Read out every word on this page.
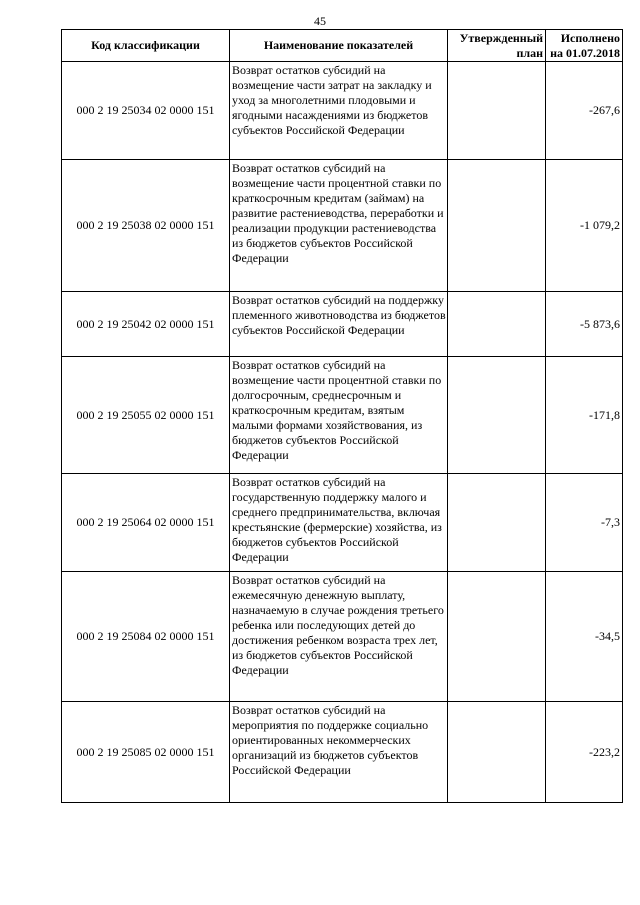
45
Код классификации	Наименование показателей	Утвержденный план	Исполнено на 01.07.2018
000 2 19 25034 02 0000 151	Возврат остатков субсидий на возмещение части затрат на закладку и уход за многолетними плодовыми и ягодными насаждениями из бюджетов субъектов Российской Федерации		-267,6
000 2 19 25038 02 0000 151	Возврат остатков субсидий на возмещение части процентной ставки по краткосрочным кредитам (займам) на развитие растениеводства, переработки и реализации продукции растениеводства из бюджетов субъектов Российской Федерации		-1 079,2
000 2 19 25042 02 0000 151	Возврат остатков субсидий на поддержку племенного животноводства из бюджетов субъектов Российской Федерации		-5 873,6
000 2 19 25055 02 0000 151	Возврат остатков субсидий на возмещение части процентной ставки по долгосрочным, среднесрочным и краткосрочным кредитам, взятым малыми формами хозяйствования, из бюджетов субъектов Российской Федерации		-171,8
000 2 19 25064 02 0000 151	Возврат остатков субсидий на государственную поддержку малого и среднего предпринимательства, включая крестьянские (фермерские) хозяйства, из бюджетов субъектов Российской Федерации		-7,3
000 2 19 25084 02 0000 151	Возврат остатков субсидий на ежемесячную денежную выплату, назначаемую в случае рождения третьего ребенка или последующих детей до достижения ребенком возраста трех лет, из бюджетов субъектов Российской Федерации		-34,5
000 2 19 25085 02 0000 151	Возврат остатков субсидий на мероприятия по поддержке социально ориентированных некоммерческих организаций из бюджетов субъектов Российской Федерации		-223,2
